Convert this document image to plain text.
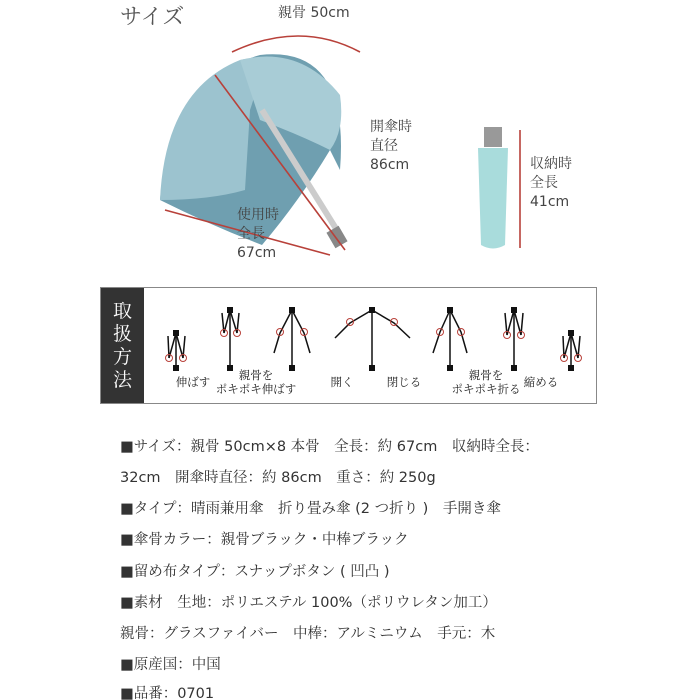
サイズ	親骨 50cm
開傘時
直径
86cm
使用時
全長
67cm
収納時
全長
41cm
取
扱
方
法	伸ばす	親骨を
ポキポキ伸ばす	開く	閉じる	親骨を
ポキポキ折る 縮める
■サイズ：親骨 50cm×8 本骨　全長：約 67cm　収納時全長：
32cm　開傘時直径：約 86cm　重さ：約 250g
■タイプ：晴雨兼用傘　折り畳み傘 (2 つ折り )　手開き傘
■傘骨カラー：親骨ブラック・中棒ブラック
■留め布タイプ：スナップボタン ( 凹凸 )
■素材　生地：ポリエステル 100%（ポリウレタン加工）
親骨：グラスファイバー　中棒：アルミニウム　手元：木
■原産国：中国
■品番：0701
